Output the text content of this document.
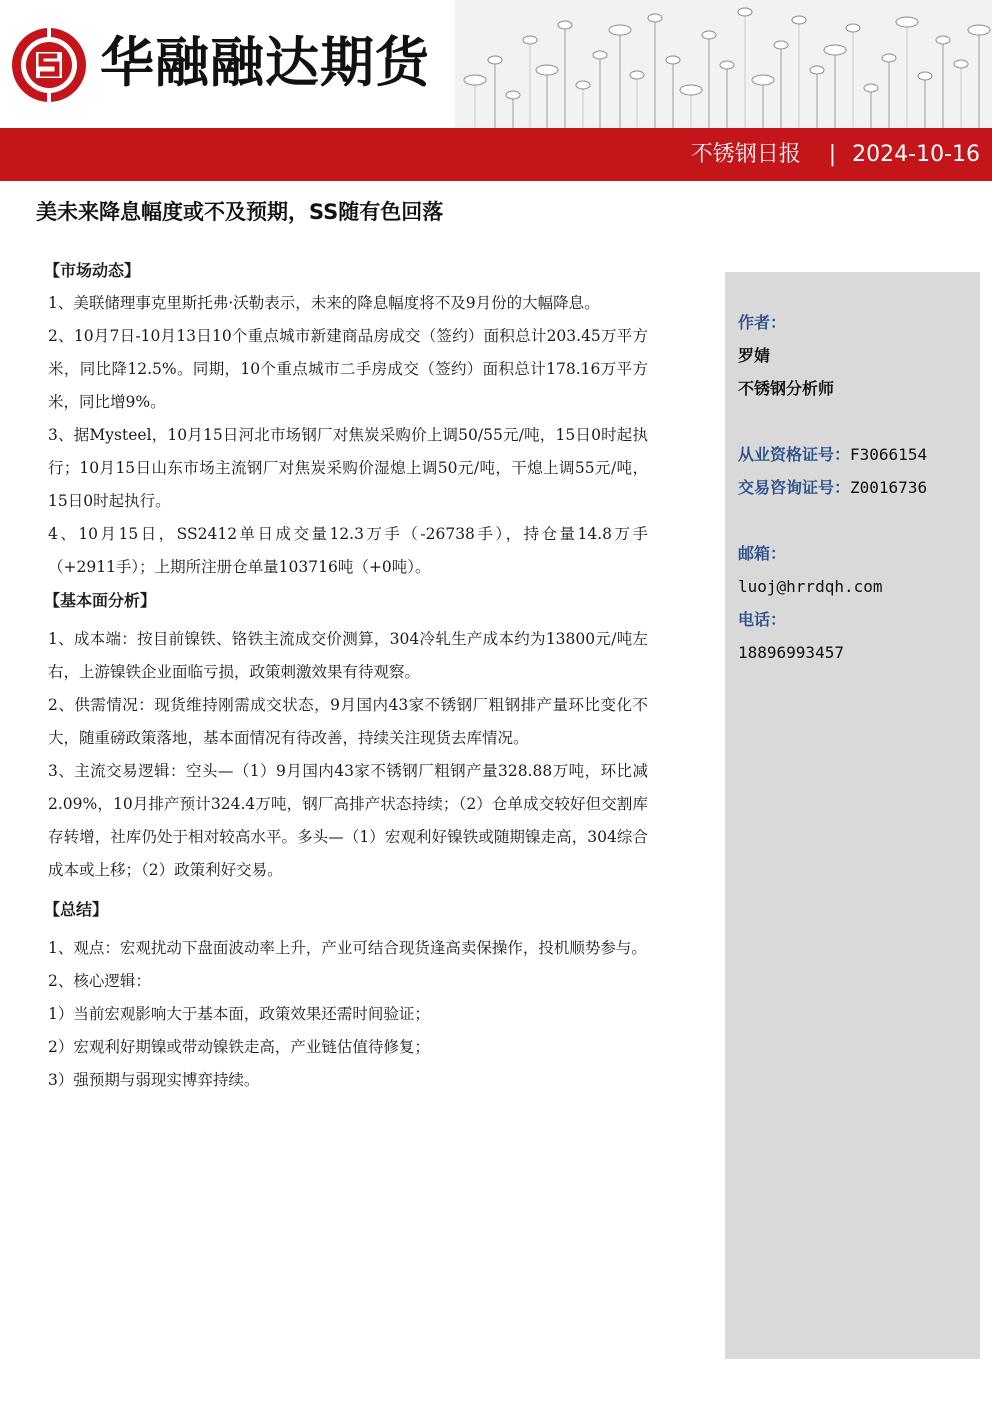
华融融达期货
不锈钢日报 | 2024-10-16
美未来降息幅度或不及预期，SS随有色回落
【市场动态】
1、美联储理事克里斯托弗·沃勒表示，未来的降息幅度将不及9月份的大幅降息。
2、10月7日-10月13日10个重点城市新建商品房成交（签约）面积总计203.45万平方米，同比降12.5%。同期，10个重点城市二手房成交（签约）面积总计178.16万平方米，同比增9%。
3、据Mysteel，10月15日河北市场钢厂对焦炭采购价上调50/55元/吨，15日0时起执行；10月15日山东市场主流钢厂对焦炭采购价湿熄上调50元/吨，干熄上调55元/吨，15日0时起执行。
4、10月15日，SS2412单日成交量12.3万手（-26738手），持仓量14.8万手（+2911手）；上期所注册仓单量103716吨（+0吨）。
【基本面分析】
1、成本端：按目前镍铁、铬铁主流成交价测算，304冷轧生产成本约为13800元/吨左右，上游镍铁企业面临亏损，政策刺激效果有待观察。
2、供需情况：现货维持刚需成交状态，9月国内43家不锈钢厂粗钢排产量环比变化不大，随重磅政策落地，基本面情况有待改善，持续关注现货去库情况。
3、主流交易逻辑：空头—（1）9月国内43家不锈钢厂粗钢产量328.88万吨，环比减2.09%，10月排产预计324.4万吨，钢厂高排产状态持续；（2）仓单成交较好但交割库存转增，社库仍处于相对较高水平。多头—（1）宏观利好镍铁或随期镍走高，304综合成本或上移；（2）政策利好交易。
【总结】
1、观点：宏观扰动下盘面波动率上升，产业可结合现货逢高卖保操作，投机顺势参与。
2、核心逻辑：
1）当前宏观影响大于基本面，政策效果还需时间验证；
2）宏观利好期镍或带动镍铁走高，产业链估值待修复；
3）强预期与弱现实博弈持续。
作者：
罗婧
不锈钢分析师
从业资格证号：F3066154
交易咨询证号：Z0016736
邮箱：
luoj@hrrdqh.com
电话：
18896993457
